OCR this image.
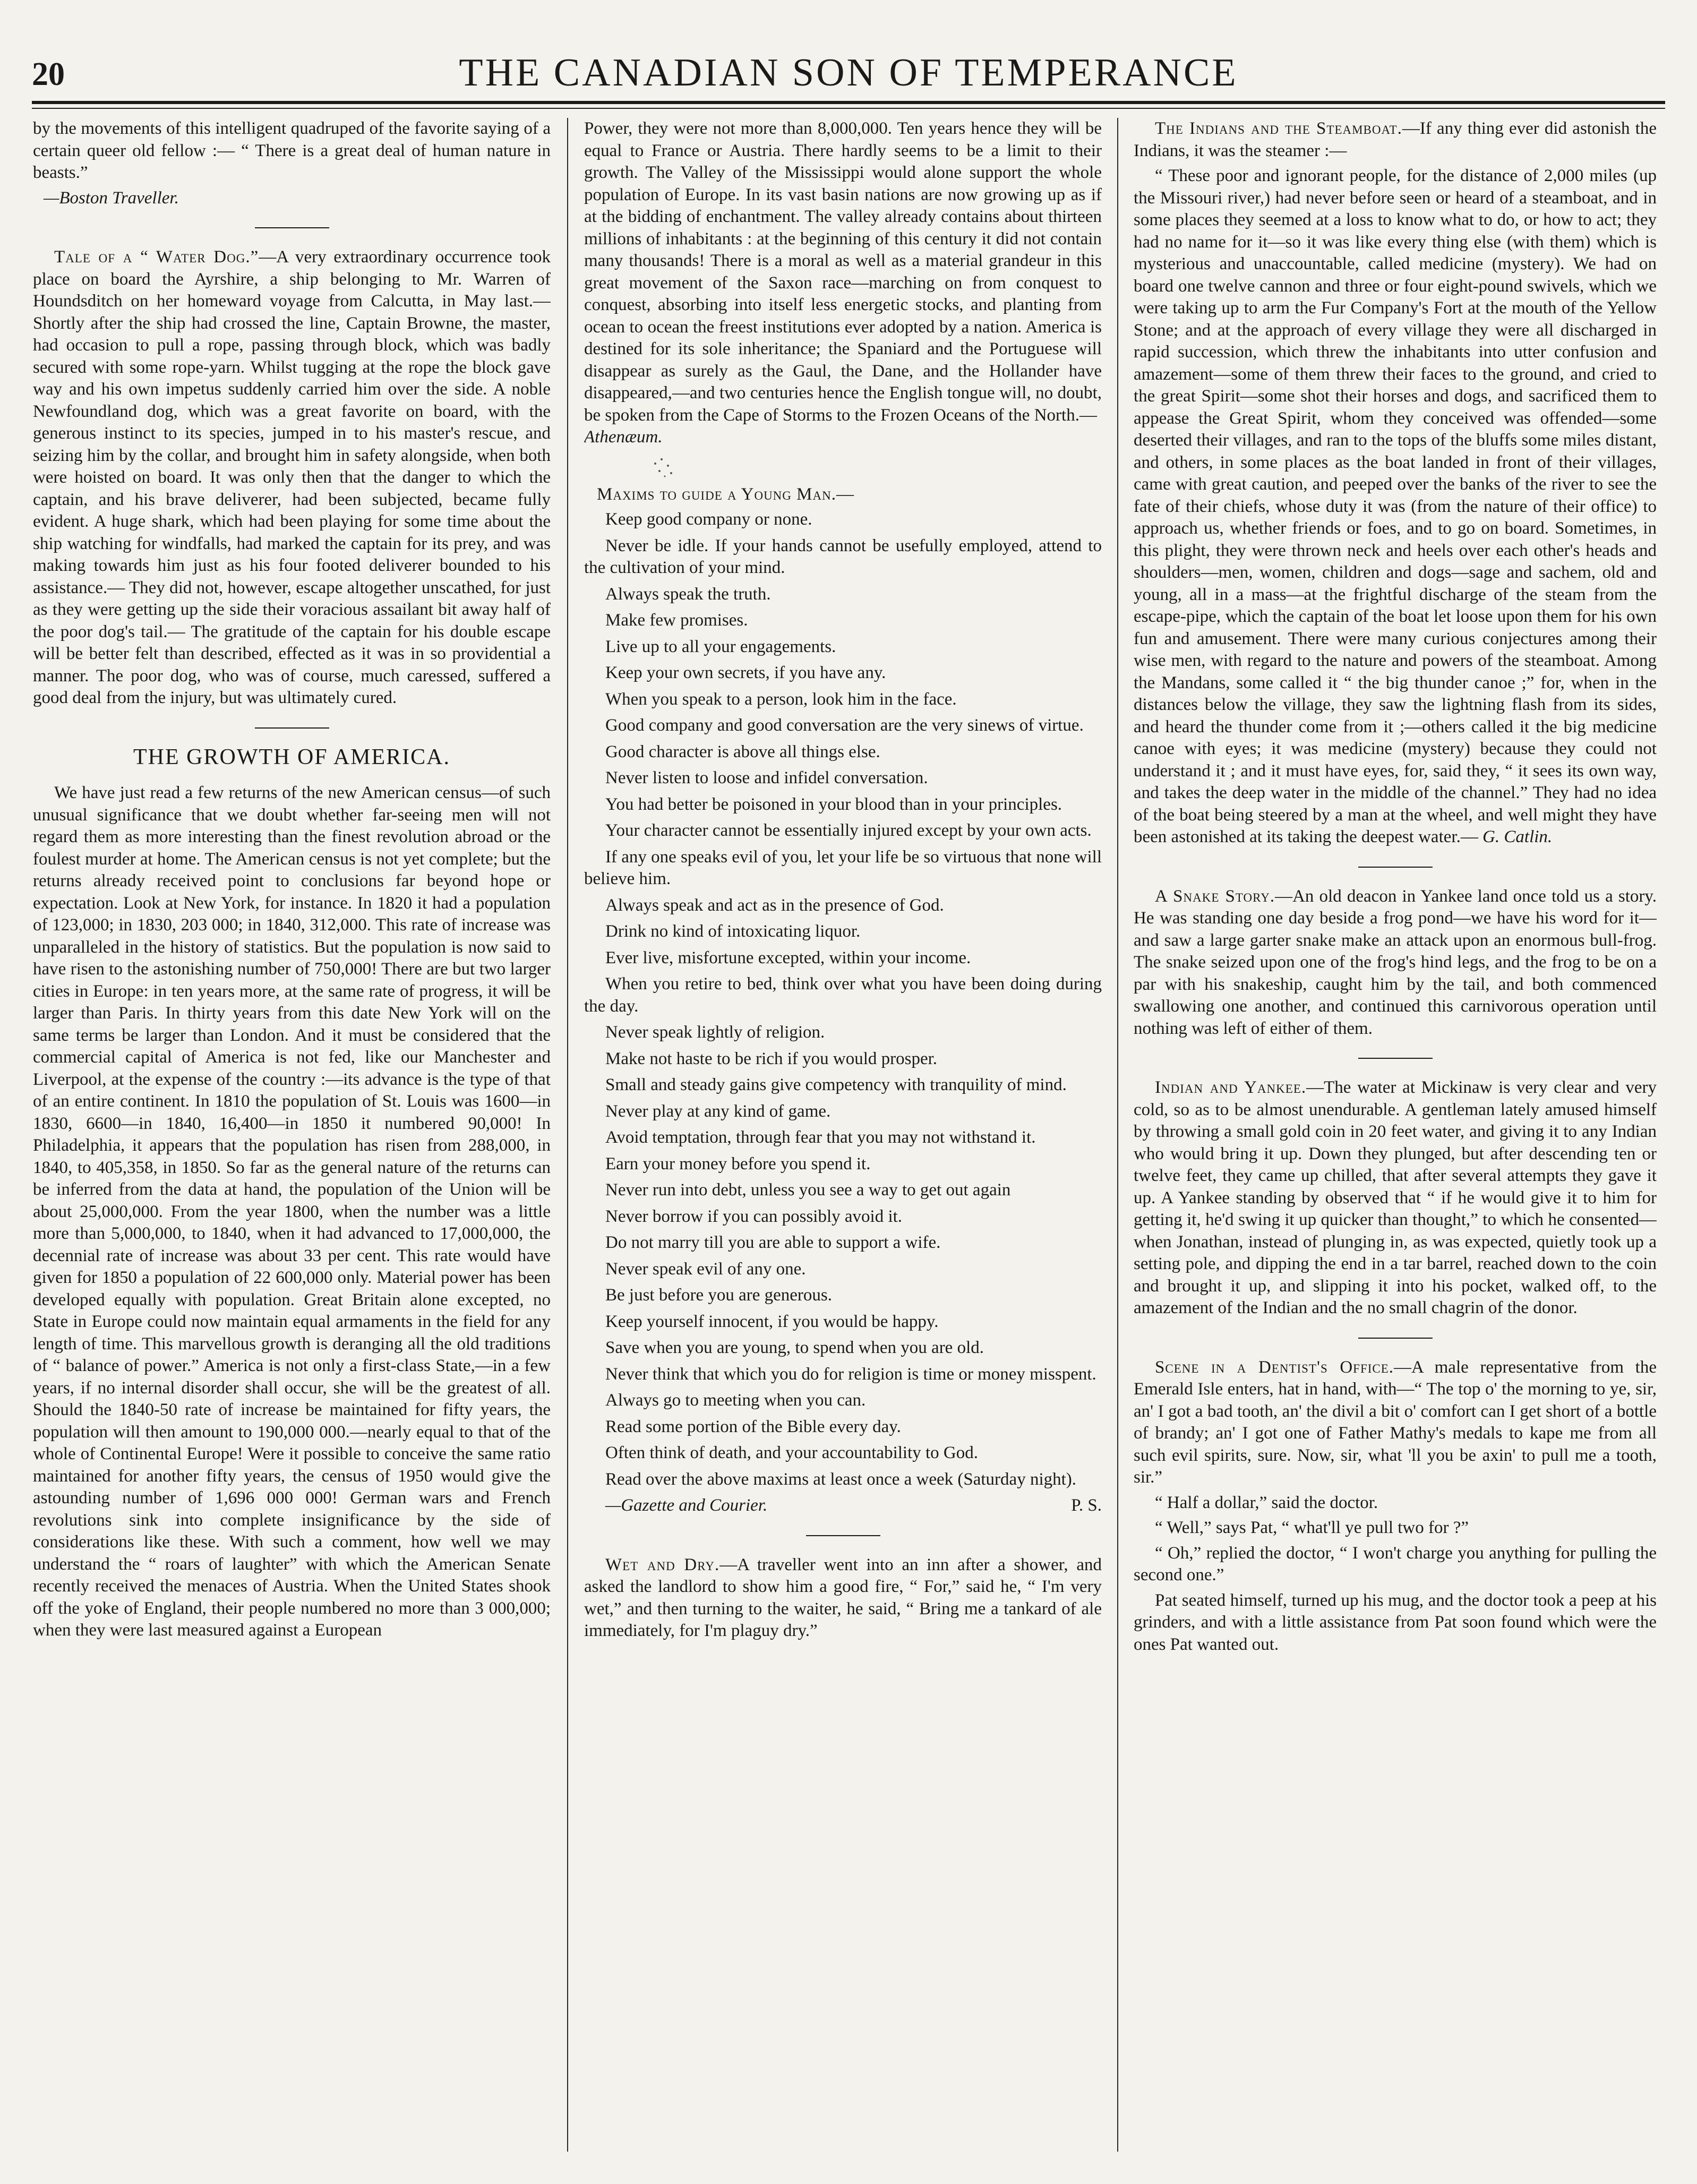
20	THE CANADIAN SON OF TEMPERANCE

by the movements of this intelligent quadruped of the favorite saying of a certain queer old fellow :— “ There is a great deal of human nature in beasts.”

—Boston Traveller.

Tale of a “ Water Dog.”—A very extraordinary occurrence took place on board the Ayrshire, a ship belonging to Mr. Warren of Houndsditch on her homeward voyage from Calcutta, in May last.— Shortly after the ship had crossed the line, Captain Browne, the master, had occasion to pull a rope, passing through block, which was badly secured with some rope-yarn. Whilst tugging at the rope the block gave way and his own impetus suddenly carried him over the side. A noble Newfoundland dog, which was a great favorite on board, with the generous instinct to its species, jumped in to his master's rescue, and seizing him by the collar, and brought him in safety alongside, when both were hoisted on board. It was only then that the danger to which the captain, and his brave deliverer, had been subjected, became fully evident. A huge shark, which had been playing for some time about the ship watching for windfalls, had marked the captain for its prey, and was making towards him just as his four footed deliverer bounded to his assistance.— They did not, however, escape altogether unscathed, for just as they were getting up the side their voracious assailant bit away half of the poor dog's tail.— The gratitude of the captain for his double escape will be better felt than described, effected as it was in so providential a manner. The poor dog, who was of course, much caressed, suffered a good deal from the injury, but was ultimately cured.

THE GROWTH OF AMERICA.

We have just read a few returns of the new American census—of such unusual significance that we doubt whether far-seeing men will not regard them as more interesting than the finest revolution abroad or the foulest murder at home. The American census is not yet complete; but the returns already received point to conclusions far beyond hope or expectation. Look at New York, for instance. In 1820 it had a population of 123,000; in 1830, 203 000; in 1840, 312,000. This rate of increase was unparalleled in the history of statistics. But the population is now said to have risen to the astonishing number of 750,000! There are but two larger cities in Europe: in ten years more, at the same rate of progress, it will be larger than Paris. In thirty years from this date New York will on the same terms be larger than London. And it must be considered that the commercial capital of America is not fed, like our Manchester and Liverpool, at the expense of the country :—its advance is the type of that of an entire continent. In 1810 the population of St. Louis was 1600—in 1830, 6600—in 1840, 16,400—in 1850 it numbered 90,000! In Philadelphia, it appears that the population has risen from 288,000, in 1840, to 405,358, in 1850. So far as the general nature of the returns can be inferred from the data at hand, the population of the Union will be about 25,000,000. From the year 1800, when the number was a little more than 5,000,000, to 1840, when it had advanced to 17,000,000, the decennial rate of increase was about 33 per cent. This rate would have given for 1850 a population of 22 600,000 only. Material power has been developed equally with population. Great Britain alone excepted, no State in Europe could now maintain equal armaments in the field for any length of time. This marvellous growth is deranging all the old traditions of “ balance of power.” America is not only a first-class State,—in a few years, if no internal disorder shall occur, she will be the greatest of all. Should the 1840-50 rate of increase be maintained for fifty years, the population will then amount to 190,000 000.—nearly equal to that of the whole of Continental Europe! Were it possible to conceive the same ratio maintained for another fifty years, the census of 1950 would give the astounding number of 1,696 000 000! German wars and French revolutions sink into complete insignificance by the side of considerations like these. With such a comment, how well we may understand the “ roars of laughter” with which the American Senate recently received the menaces of Austria. When the United States shook off the yoke of England, their people numbered no more than 3 000,000; when they were last measured against a European

Power, they were not more than 8,000,000. Ten years hence they will be equal to France or Austria. There hardly seems to be a limit to their growth. The Valley of the Mississippi would alone support the whole population of Europe. In its vast basin nations are now growing up as if at the bidding of enchantment. The valley already contains about thirteen millions of inhabitants : at the beginning of this century it did not contain many thousands! There is a moral as well as a material grandeur in this great movement of the Saxon race—marching on from conquest to conquest, absorbing into itself less energetic stocks, and planting from ocean to ocean the freest institutions ever adopted by a nation. America is destined for its sole inheritance; the Spaniard and the Portuguese will disappear as surely as the Gaul, the Dane, and the Hollander have disappeared,—and two centuries hence the English tongue will, no doubt, be spoken from the Cape of Storms to the Frozen Oceans of the North.—
Athenæum.

Maxims to guide a Young Man.—

Keep good company or none.

Never be idle. If your hands cannot be usefully employed, attend to the cultivation of your mind.

Always speak the truth.

Make few promises.

Live up to all your engagements.

Keep your own secrets, if you have any.

When you speak to a person, look him in the face.

Good company and good conversation are the very sinews of virtue.

Good character is above all things else.

Never listen to loose and infidel conversation.

You had better be poisoned in your blood than in your principles.

Your character cannot be essentially injured except by your own acts.

If any one speaks evil of you, let your life be so virtuous that none will believe him.

Always speak and act as in the presence of God.

Drink no kind of intoxicating liquor.

Ever live, misfortune excepted, within your income.

When you retire to bed, think over what you have been doing during the day.

Never speak lightly of religion.

Make not haste to be rich if you would prosper.

Small and steady gains give competency with tranquility of mind.

Never play at any kind of game.

Avoid temptation, through fear that you may not withstand it.

Earn your money before you spend it.

Never run into debt, unless you see a way to get out again

Never borrow if you can possibly avoid it.

Do not marry till you are able to support a wife.

Never speak evil of any one.

Be just before you are generous.

Keep yourself innocent, if you would be happy.

Save when you are young, to spend when you are old.

Never think that which you do for religion is time or money misspent.

Always go to meeting when you can.

Read some portion of the Bible every day.

Often think of death, and your accountability to God.

Read over the above maxims at least once a week (Saturday night).

—Gazette and Courier.	P. S.

Wet and Dry.—A traveller went into an inn after a shower, and asked the landlord to show him a good fire, “ For,” said he, “ I'm very wet,” and then turning to the waiter, he said, “ Bring me a tankard of ale immediately, for I'm plaguy dry.”

The Indians and the Steamboat.—If any thing ever did astonish the Indians, it was the steamer :—

“ These poor and ignorant people, for the distance of 2,000 miles (up the Missouri river,) had never before seen or heard of a steamboat, and in some places they seemed at a loss to know what to do, or how to act; they had no name for it—so it was like every thing else (with them) which is mysterious and unaccountable, called medicine (mystery). We had on board one twelve cannon and three or four eight-pound swivels, which we were taking up to arm the Fur Company's Fort at the mouth of the Yellow Stone; and at the approach of every village they were all discharged in rapid succession, which threw the inhabitants into utter confusion and amazement—some of them threw their faces to the ground, and cried to the great Spirit—some shot their horses and dogs, and sacrificed them to appease the Great Spirit, whom they conceived was offended—some deserted their villages, and ran to the tops of the bluffs some miles distant, and others, in some places as the boat landed in front of their villages, came with great caution, and peeped over the banks of the river to see the fate of their chiefs, whose duty it was (from the nature of their office) to approach us, whether friends or foes, and to go on board. Sometimes, in this plight, they were thrown neck and heels over each other's heads and shoulders—men, women, children and dogs—sage and sachem, old and young, all in a mass—at the frightful discharge of the steam from the escape-pipe, which the captain of the boat let loose upon them for his own fun and amusement. There were many curious conjectures among their wise men, with regard to the nature and powers of the steamboat. Among the Mandans, some called it “ the big thunder canoe ;” for, when in the distances below the village, they saw the lightning flash from its sides, and heard the thunder come from it ;—others called it the big medicine canoe with eyes; it was medicine (mystery) because they could not understand it ; and it must have eyes, for, said they, “ it sees its own way, and takes the deep water in the middle of the channel.” They had no idea of the boat being steered by a man at the wheel, and well might they have been astonished at its taking the deepest water.— G. Catlin.

A Snake Story.—An old deacon in Yankee land once told us a story. He was standing one day beside a frog pond—we have his word for it—and saw a large garter snake make an attack upon an enormous bull-frog. The snake seized upon one of the frog's hind legs, and the frog to be on a par with his snakeship, caught him by the tail, and both commenced swallowing one another, and continued this carnivorous operation until nothing was left of either of them.

Indian and Yankee.—The water at Mickinaw is very clear and very cold, so as to be almost unendurable. A gentleman lately amused himself by throwing a small gold coin in 20 feet water, and giving it to any Indian who would bring it up. Down they plunged, but after descending ten or twelve feet, they came up chilled, that after several attempts they gave it up. A Yankee standing by observed that “ if he would give it to him for getting it, he'd swing it up quicker than thought,” to which he consented—when Jonathan, instead of plunging in, as was expected, quietly took up a setting pole, and dipping the end in a tar barrel, reached down to the coin and brought it up, and slipping it into his pocket, walked off, to the amazement of the Indian and the no small chagrin of the donor.

Scene in a Dentist's Office.—A male representative from the Emerald Isle enters, hat in hand, with—“ The top o' the morning to ye, sir, an' I got a bad tooth, an' the divil a bit o' comfort can I get short of a bottle of brandy; an' I got one of Father Mathy's medals to kape me from all such evil spirits, sure. Now, sir, what 'll you be axin' to pull me a tooth, sir.”

“ Half a dollar,” said the doctor.

“ Well,” says Pat, “ what'll ye pull two for ?”

“ Oh,” replied the doctor, “ I won't charge you anything for pulling the second one.”

Pat seated himself, turned up his mug, and the doctor took a peep at his grinders, and with a little assistance from Pat soon found which were the ones Pat wanted out.
